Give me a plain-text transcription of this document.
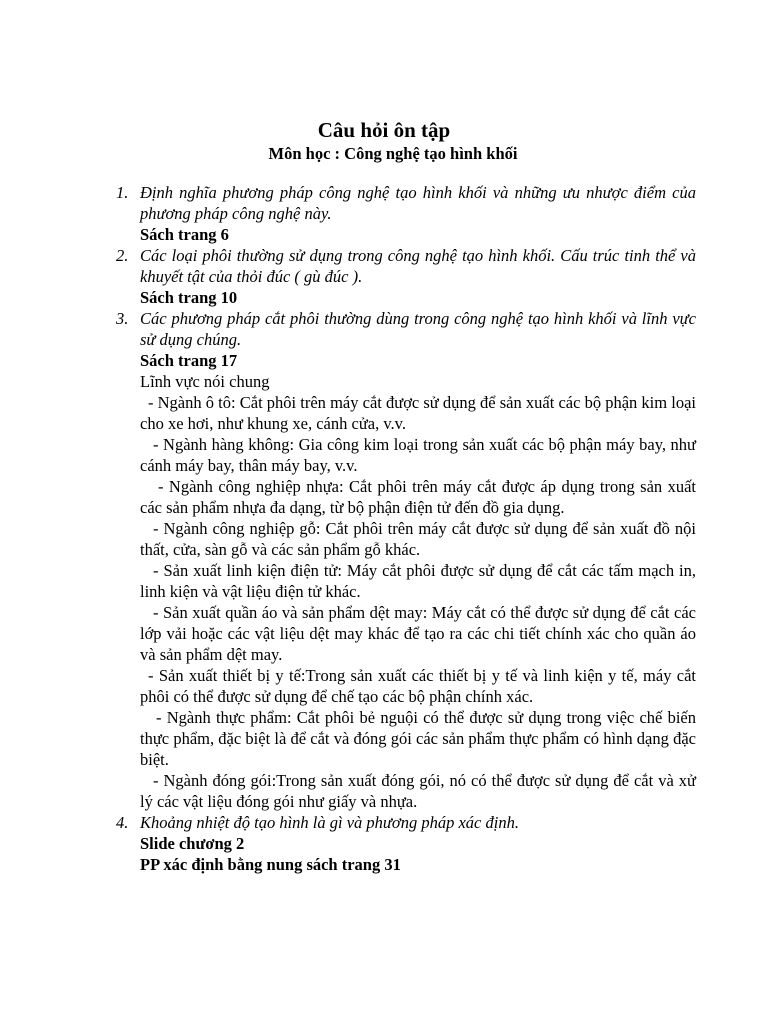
Câu hỏi ôn tập
Môn học : Công nghệ tạo hình khối
1. Định nghĩa phương pháp công nghệ tạo hình khối và những ưu nhược điểm của phương pháp công nghệ này.
Sách trang 6
2. Các loại phôi thường sử dụng trong công nghệ tạo hình khối. Cấu trúc tinh thể và khuyết tật của thỏi đúc ( gù đúc ).
Sách trang 10
3. Các phương pháp cắt phôi thường dùng trong công nghệ tạo hình khối và lĩnh vực sử dụng chúng.
Sách trang 17
Lĩnh vực nói chung
- Ngành ô tô: Cắt phôi trên máy cắt được sử dụng để sản xuất các bộ phận kim loại cho xe hơi, như khung xe, cánh cửa, v.v.
- Ngành hàng không: Gia công kim loại trong sản xuất các bộ phận máy bay, như cánh máy bay, thân máy bay, v.v.
- Ngành công nghiệp nhựa: Cắt phôi trên máy cắt được áp dụng trong sản xuất các sản phẩm nhựa đa dạng, từ bộ phận điện tử đến đồ gia dụng.
- Ngành công nghiệp gỗ: Cắt phôi trên máy cắt được sử dụng để sản xuất đồ nội thất, cửa, sàn gỗ và các sản phẩm gỗ khác.
- Sản xuất linh kiện điện tử: Máy cắt phôi được sử dụng để cắt các tấm mạch in, linh kiện và vật liệu điện tử khác.
- Sản xuất quần áo và sản phẩm dệt may: Máy cắt có thể được sử dụng để cắt các lớp vải hoặc các vật liệu dệt may khác để tạo ra các chi tiết chính xác cho quần áo và sản phẩm dệt may.
- Sản xuất thiết bị y tế:Trong sản xuất các thiết bị y tế và linh kiện y tế, máy cắt phôi có thể được sử dụng để chế tạo các bộ phận chính xác.
- Ngành thực phẩm: Cắt phôi bẻ nguội có thể được sử dụng trong việc chế biến thực phẩm, đặc biệt là để cắt và đóng gói các sản phẩm thực phẩm có hình dạng đặc biệt.
- Ngành đóng gói:Trong sản xuất đóng gói, nó có thể được sử dụng để cắt và xử lý các vật liệu đóng gói như giấy và nhựa.
4. Khoảng nhiệt độ tạo hình là gì và phương pháp xác định.
Slide chương 2
PP xác định bằng nung sách trang 31
